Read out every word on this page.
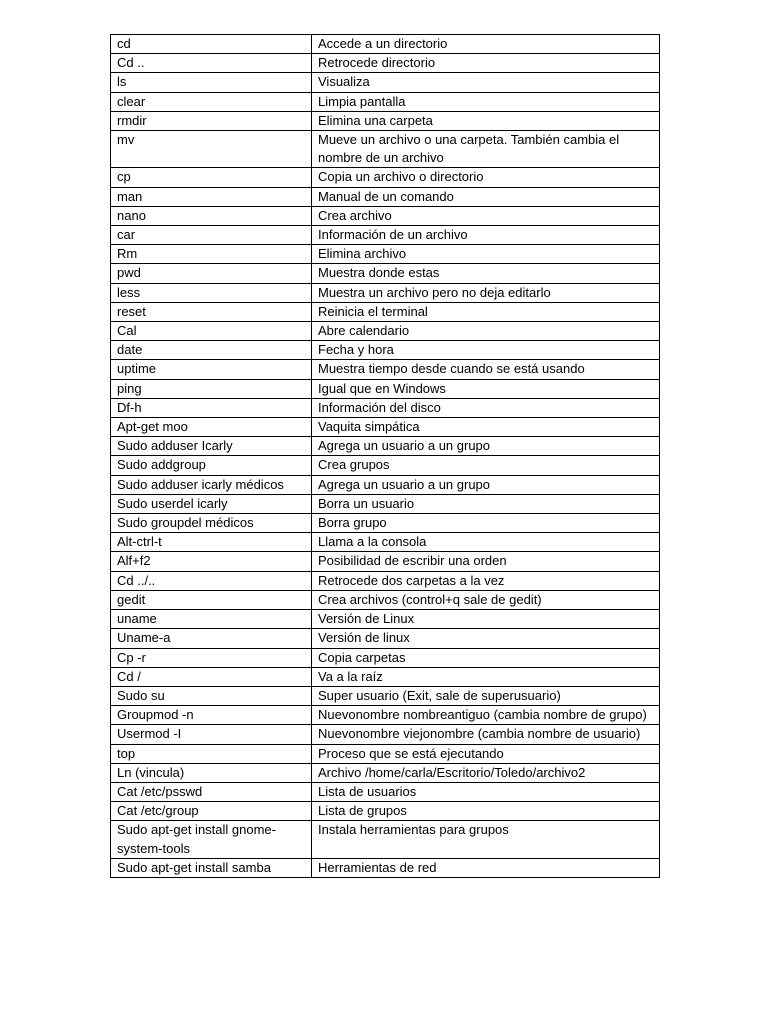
cd	Accede a un directorio
Cd ..	Retrocede directorio
ls	Visualiza
clear	Limpia pantalla
rmdir	Elimina una carpeta
mv	Mueve un archivo o una carpeta. También cambia el nombre de un archivo
cp	Copia un archivo o directorio
man	Manual de un comando
nano	Crea archivo
car	Información de un archivo
Rm	Elimina archivo
pwd	Muestra donde estas
less	Muestra un archivo pero no deja editarlo
reset	Reinicia el terminal
Cal	Abre calendario
date	Fecha y hora
uptime	Muestra tiempo desde cuando se está usando
ping	Igual que en Windows
Df-h	Información del disco
Apt-get moo	Vaquita simpática
Sudo adduser Icarly	Agrega un usuario a un grupo
Sudo addgroup	Crea grupos
Sudo adduser icarly médicos	Agrega un usuario a un grupo
Sudo userdel icarly	Borra un usuario
Sudo groupdel médicos	Borra grupo
Alt-ctrl-t	Llama a la consola
Alf+f2	Posibilidad de escribir una orden
Cd ../..	Retrocede dos carpetas a la vez
gedit	Crea archivos (control+q sale de gedit)
uname	Versión de Linux
Uname-a	Versión de linux
Cp -r	Copia carpetas
Cd /	Va a la raíz
Sudo su	Super usuario (Exit, sale de superusuario)
Groupmod -n	Nuevonombre nombreantiguo (cambia nombre de grupo)
Usermod -I	Nuevonombre viejonombre (cambia nombre de usuario)
top	Proceso que se está ejecutando
Ln (vincula)	Archivo /home/carla/Escritorio/Toledo/archivo2
Cat /etc/psswd	Lista de usuarios
Cat /etc/group	Lista de grupos
Sudo apt-get install gnome-system-tools	Instala herramientas para grupos
Sudo apt-get install samba	Herramientas de red
